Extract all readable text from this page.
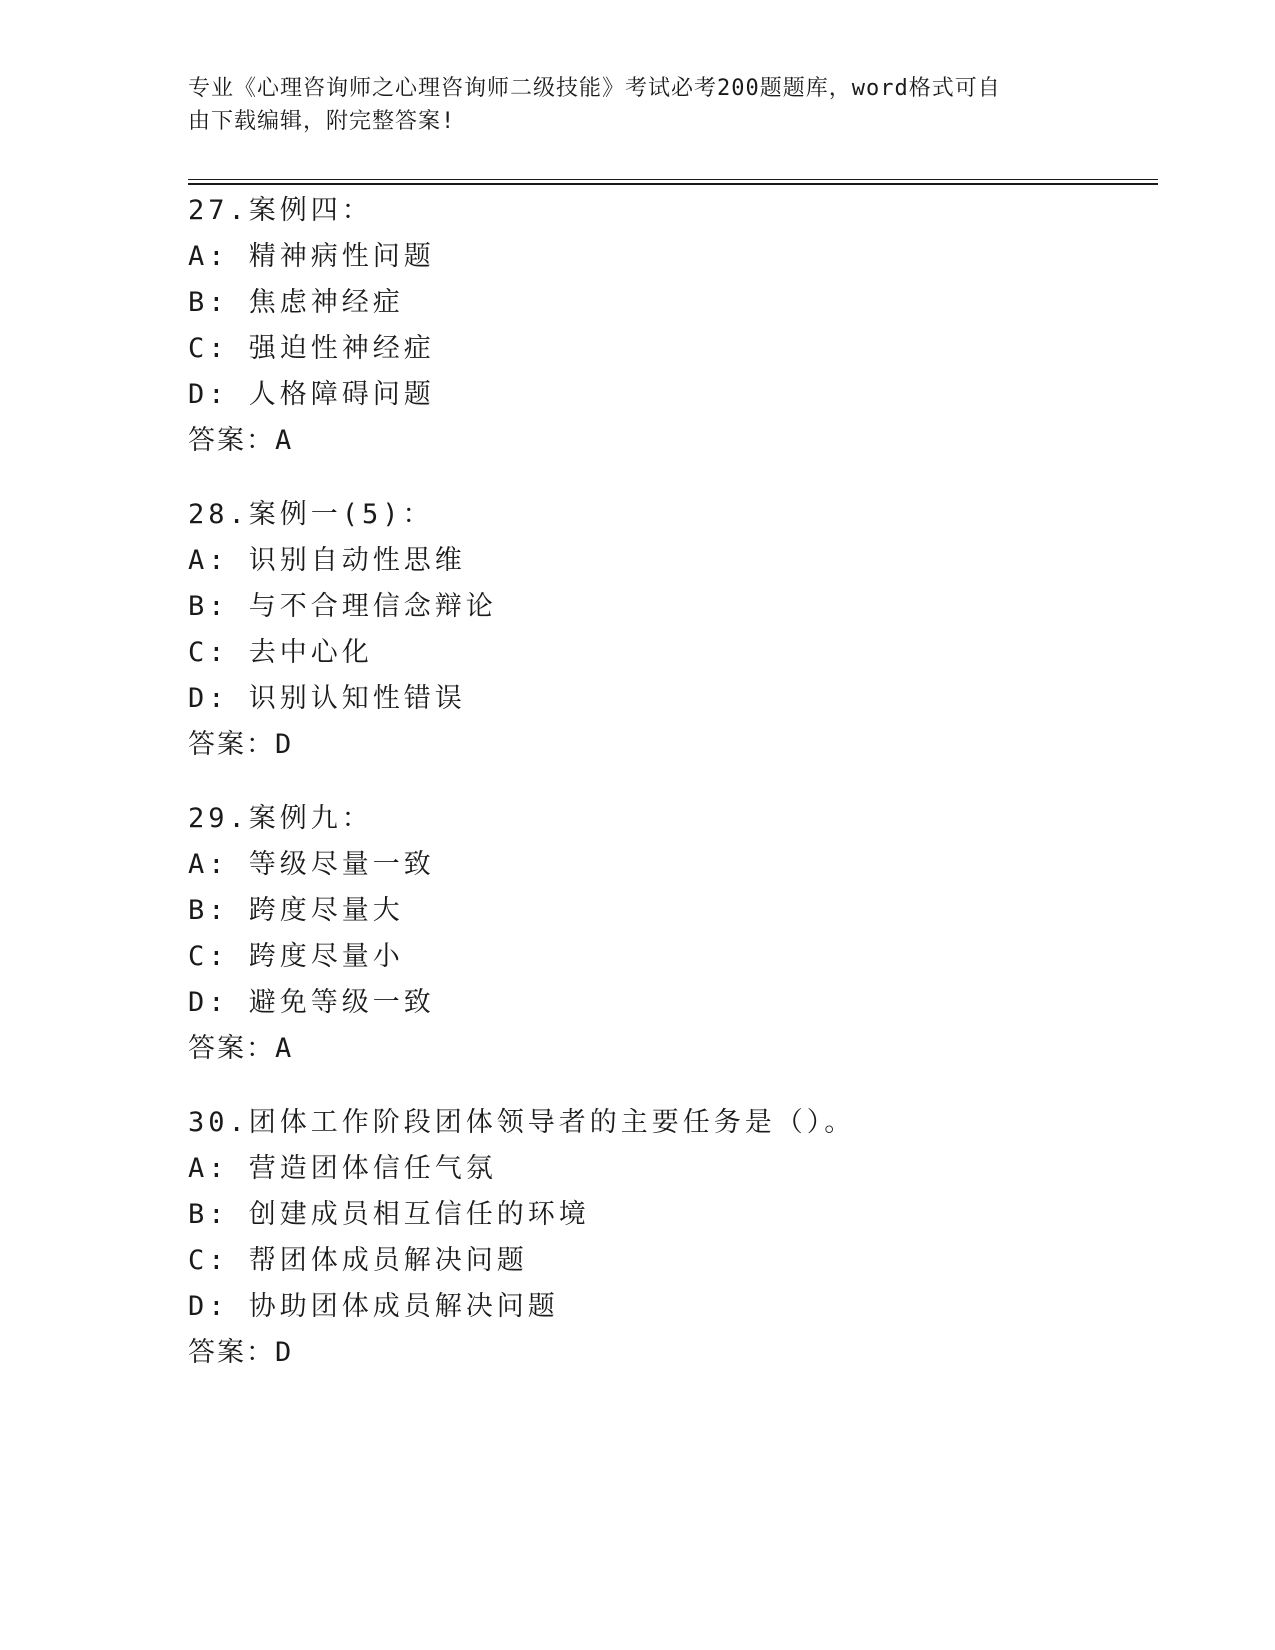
专业《心理咨询师之心理咨询师二级技能》考试必考200题题库，word格式可自
由下载编辑，附完整答案!
27.案例四：
A: 精神病性问题
B: 焦虑神经症
C: 强迫性神经症
D: 人格障碍问题
答案：A
28.案例一(5)：
A: 识别自动性思维
B: 与不合理信念辩论
C: 去中心化
D: 识别认知性错误
答案：D
29.案例九：
A: 等级尽量一致
B: 跨度尽量大
C: 跨度尽量小
D: 避免等级一致
答案：A
30.团体工作阶段团体领导者的主要任务是（）。
A: 营造团体信任气氛
B: 创建成员相互信任的环境
C: 帮团体成员解决问题
D: 协助团体成员解决问题
答案：D
